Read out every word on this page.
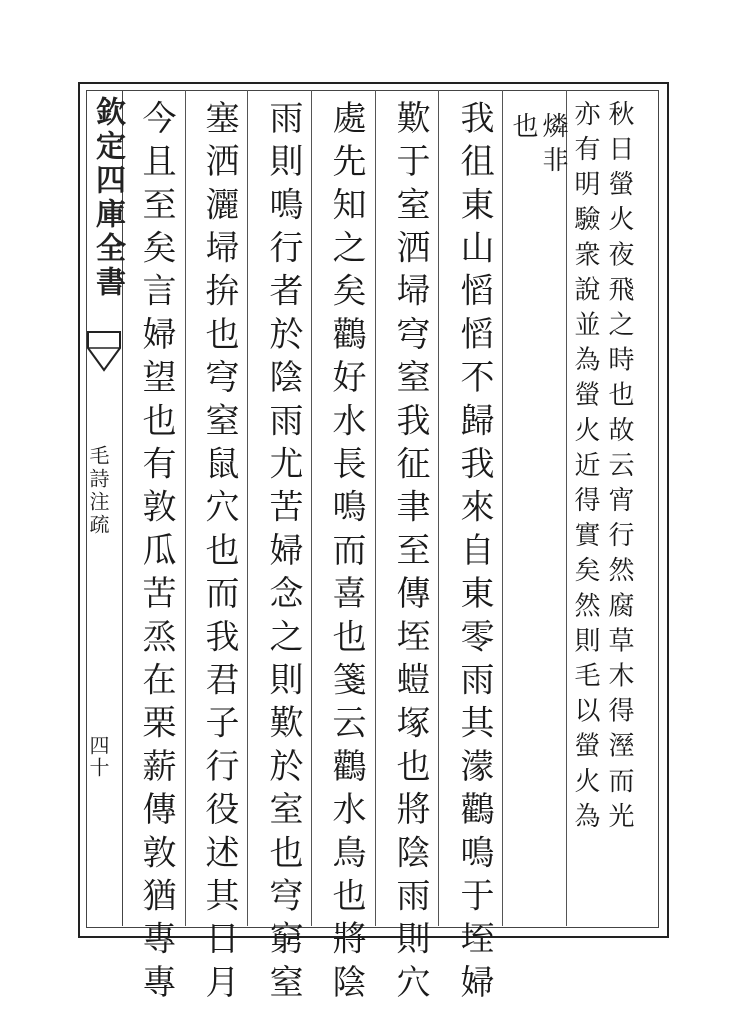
欽定四庫全書
毛詩注疏
四十	秋日螢火夜飛之時也故云宵行然腐草木得溼而光
亦有明驗衆說並為螢火近得實矣然則毛以螢火為
燐非
也
我徂東山慆慆不歸我來自東零雨其濛鸛鳴于垤婦
歎于室洒埽穹窒我征聿至傳垤螘塚也將陰雨則穴
處先知之矣鸛好水長鳴而喜也箋云鸛水鳥也將陰
雨則鳴行者於陰雨尤苦婦念之則歎於室也穹窮窒
塞洒灑埽拚也穹窒鼠穴也而我君子行役述其日月
今且至矣言婦望也有敦瓜苦烝在栗薪傳敦猶專專
